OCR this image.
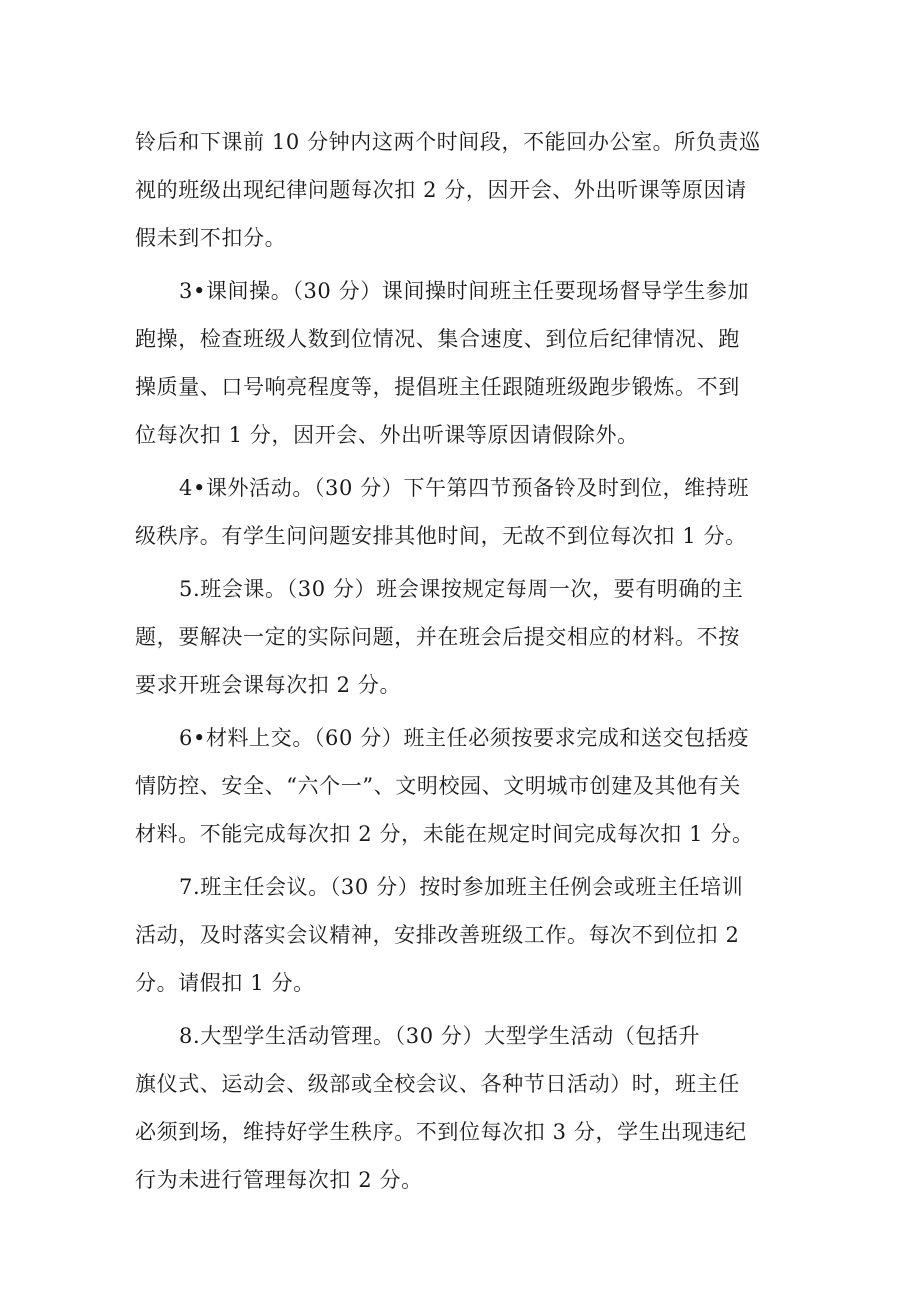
铃后和下课前 10 分钟内这两个时间段，不能回办公室。所负责巡
视的班级出现纪律问题每次扣 2 分，因开会、外出听课等原因请
假未到不扣分。
3•课间操。（30 分）课间操时间班主任要现场督导学生参加
跑操，检查班级人数到位情况、集合速度、到位后纪律情况、跑
操质量、口号响亮程度等，提倡班主任跟随班级跑步锻炼。不到
位每次扣 1 分，因开会、外出听课等原因请假除外。
4•课外活动。（30 分）下午第四节预备铃及时到位，维持班
级秩序。有学生问问题安排其他时间，无故不到位每次扣 1 分。
5.班会课。（30 分）班会课按规定每周一次，要有明确的主
题，要解决一定的实际问题，并在班会后提交相应的材料。不按
要求开班会课每次扣 2 分。
6•材料上交。（60 分）班主任必须按要求完成和送交包括疫
情防控、安全、“六个一”、文明校园、文明城市创建及其他有关
材料。不能完成每次扣 2 分，未能在规定时间完成每次扣 1 分。
7.班主任会议。（30 分）按时参加班主任例会或班主任培训
活动，及时落实会议精神，安排改善班级工作。每次不到位扣 2
分。请假扣 1 分。
8.大型学生活动管理。（30 分）大型学生活动（包括升
旗仪式、运动会、级部或全校会议、各种节日活动）时，班主任
必须到场，维持好学生秩序。不到位每次扣 3 分，学生出现违纪
行为未进行管理每次扣 2 分。
